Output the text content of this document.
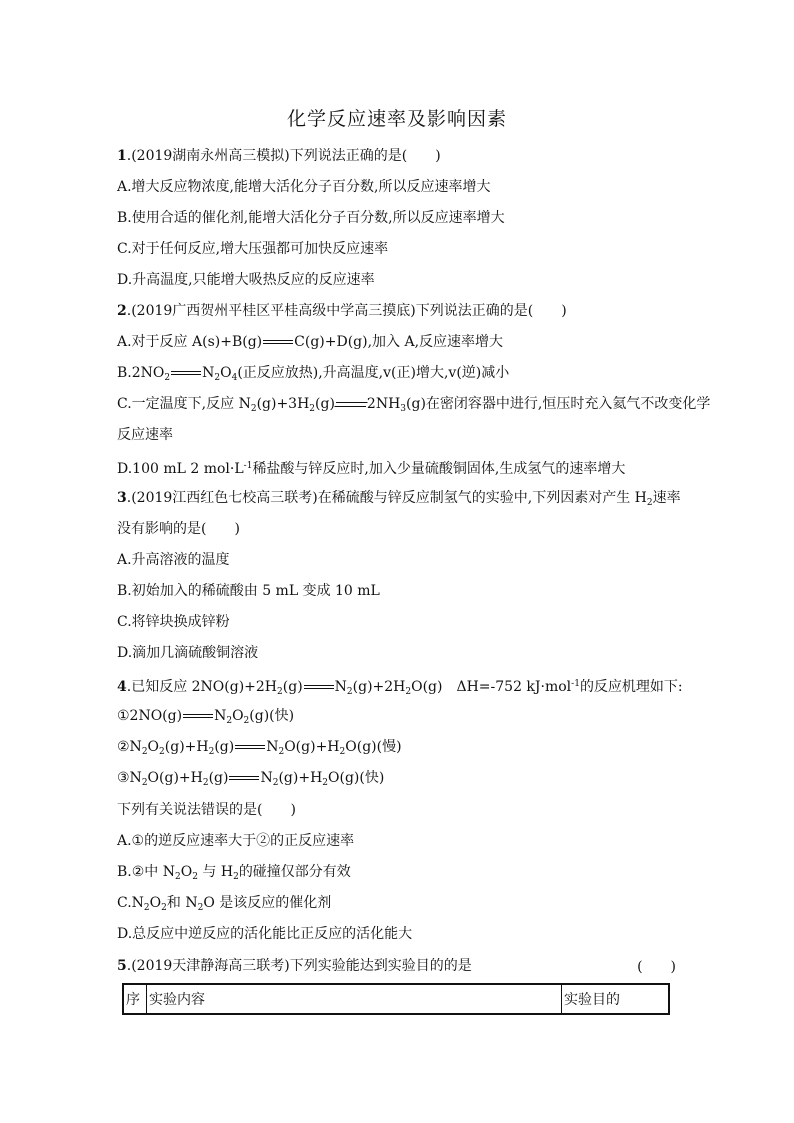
化学反应速率及影响因素
1.(2019湖南永州高三模拟)下列说法正确的是(　　)
A.增大反应物浓度,能增大活化分子百分数,所以反应速率增大
B.使用合适的催化剂,能增大活化分子百分数,所以反应速率增大
C.对于任何反应,增大压强都可加快反应速率
D.升高温度,只能增大吸热反应的反应速率
2.(2019广西贺州平桂区平桂高级中学高三摸底)下列说法正确的是(　　)
A.对于反应 A(s)+B(g) C(g)+D(g),加入 A,反应速率增大
$B.2NO_2$ $N_2O_4$(正反应放热),升高温度,v(正)增大,v(逆)减小
C.一定温度下,反应 $N_2(g)+3H_2(g)$ $2NH_3(g)$在密闭容器中进行,恒压时充入氦气不改变化学
反应速率
D.100 mL 2 $mol\cdot L^{-1}$稀盐酸与锌反应时,加入少量硫酸铜固体,生成氢气的速率增大
3.(2019江西红色七校高三联考)在稀硫酸与锌反应制氢气的实验中,下列因素对产生 $H_2$速率
没有影响的是(　　)
A.升高溶液的温度
B.初始加入的稀硫酸由 5 mL 变成 10 mL
C.将锌块换成锌粉
D.滴加几滴硫酸铜溶液
4.已知反应 $2NO(g)+2H_2(g)$ $N_2(g)+2H_2O(g)$　ΔH=-752 kJ·mol$^{-1}$的反应机理如下:
①2NO(g) $N_2O_2(g)$(快)
$②N_2O_2(g)+H_2(g)$ $N_2O(g)+H_2O(g)$(慢)
$③N_2O(g)+H_2(g)$ $N_2(g)+H_2O(g)$(快)
下列有关说法错误的是(　　)
A.①的逆反应速率大于②的正反应速率
B.②中 $N_2O_2$ 与 $H_2$的碰撞仅部分有效
$C.N_2O_2$和 $N_2O$ 是该反应的催化剂
D.总反应中逆反应的活化能比正反应的活化能大
5.(2019天津静海高三联考)下列实验能达到实验目的的是	(　　)
序	实验内容	实验目的
